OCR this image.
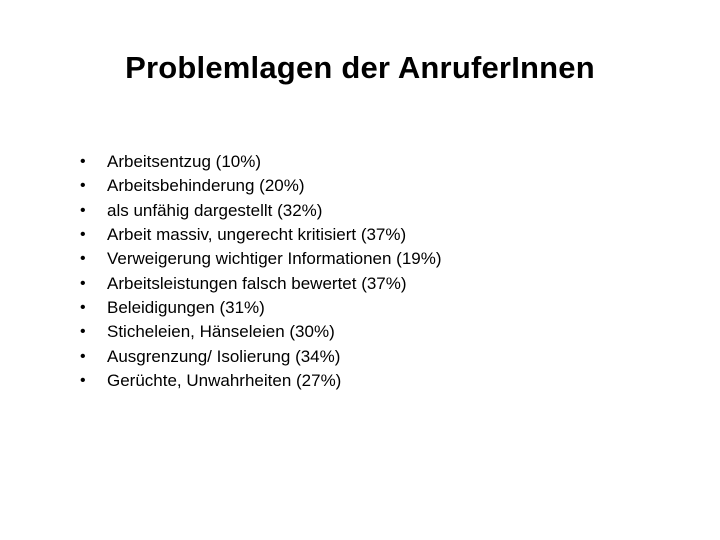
Problemlagen der AnruferInnen
•	Arbeitsentzug (10%)
•	Arbeitsbehinderung (20%)
•	als unfähig dargestellt (32%)
•	Arbeit massiv, ungerecht kritisiert (37%)
•	Verweigerung wichtiger Informationen (19%)
•	Arbeitsleistungen falsch bewertet (37%)
•	Beleidigungen (31%)
•	Sticheleien, Hänseleien (30%)
•	Ausgrenzung/ Isolierung (34%)
•	Gerüchte, Unwahrheiten (27%)
